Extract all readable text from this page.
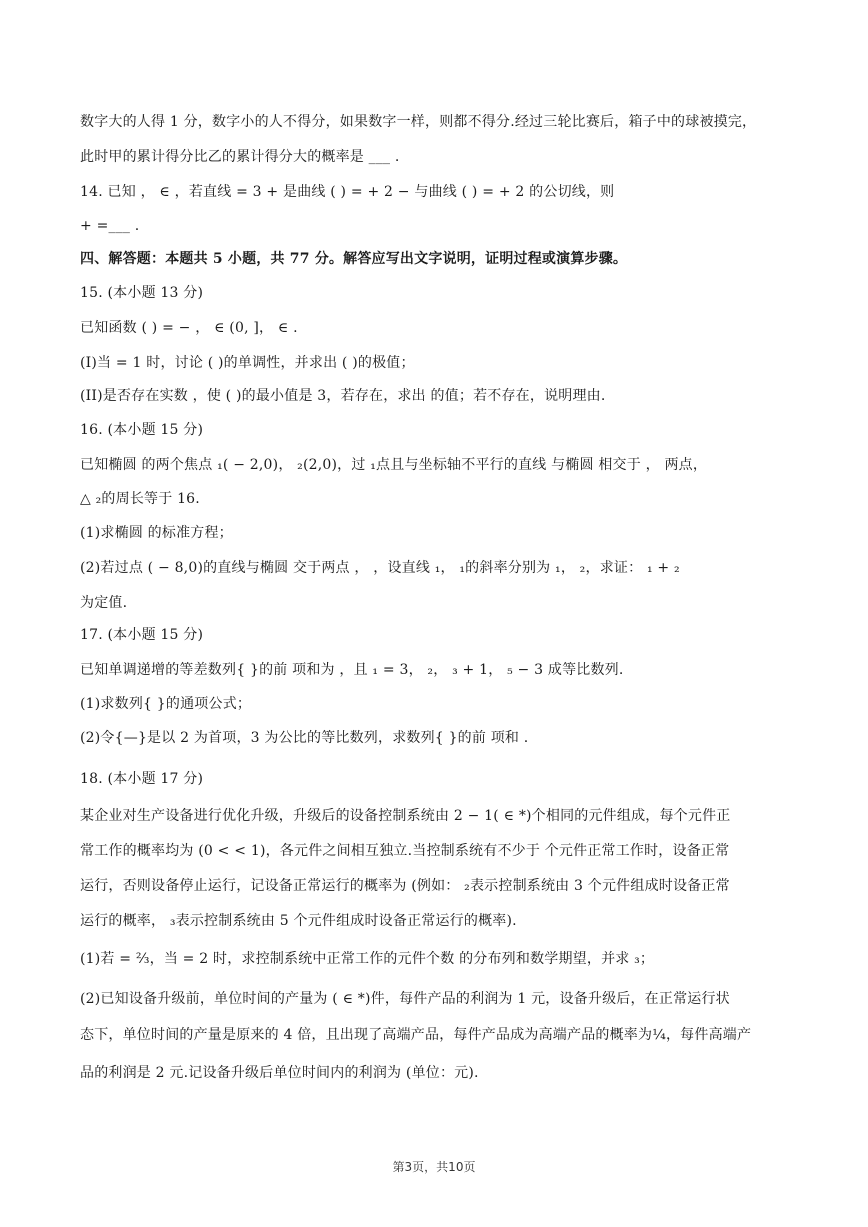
数字大的人得 1 分，数字小的人不得分，如果数字一样，则都不得分.经过三轮比赛后，箱子中的球被摸完，
此时甲的累计得分比乙的累计得分大的概率是 ___ .
14. 已知 ， ∈ ，若直线 = 3 + 是曲线 ( ) = + 2 − 与曲线 ( ) = + 2 的公切线，则
+ =___ .
四、解答题：本题共 5 小题，共 77 分。解答应写出文字说明，证明过程或演算步骤。
15. (本小题 13 分)
已知函数 ( ) = − ， ∈ (0, ]， ∈ .
(I)当 = 1 时，讨论 ( )的单调性，并求出 ( )的极值；
(II)是否存在实数 ，使 ( )的最小值是 3，若存在，求出 的值；若不存在，说明理由.
16. (本小题 15 分)
已知椭圆 的两个焦点 ₁( − 2,0)， ₂(2,0)，过 ₁点且与坐标轴不平行的直线 与椭圆 相交于 ， 两点，
△ ₂的周长等于 16.
(1)求椭圆 的标准方程；
(2)若过点 ( − 8,0)的直线与椭圆 交于两点 ， ，设直线 ₁， ₁的斜率分别为 ₁， ₂，求证： ₁ + ₂
为定值.
17. (本小题 15 分)
已知单调递增的等差数列{ }的前 项和为 ，且 ₁ = 3， ₂， ₃ + 1， ₅ − 3 成等比数列.
(1)求数列{ }的通项公式；
(2)令{—}是以 2 为首项，3 为公比的等比数列，求数列{ }的前 项和 .
18. (本小题 17 分)
某企业对生产设备进行优化升级，升级后的设备控制系统由 2 − 1( ∈ *)个相同的元件组成，每个元件正
常工作的概率均为 (0 < < 1)，各元件之间相互独立.当控制系统有不少于 个元件正常工作时，设备正常
运行，否则设备停止运行，记设备正常运行的概率为 (例如： ₂表示控制系统由 3 个元件组成时设备正常
运行的概率， ₃表示控制系统由 5 个元件组成时设备正常运行的概率).
(1)若 = ⅔，当 = 2 时，求控制系统中正常工作的元件个数 的分布列和数学期望，并求 ₃；
(2)已知设备升级前，单位时间的产量为 ( ∈ *)件，每件产品的利润为 1 元，设备升级后，在正常运行状
态下，单位时间的产量是原来的 4 倍，且出现了高端产品，每件产品成为高端产品的概率为¼，每件高端产
品的利润是 2 元.记设备升级后单位时间内的利润为 (单位：元).
第3页，共10页
